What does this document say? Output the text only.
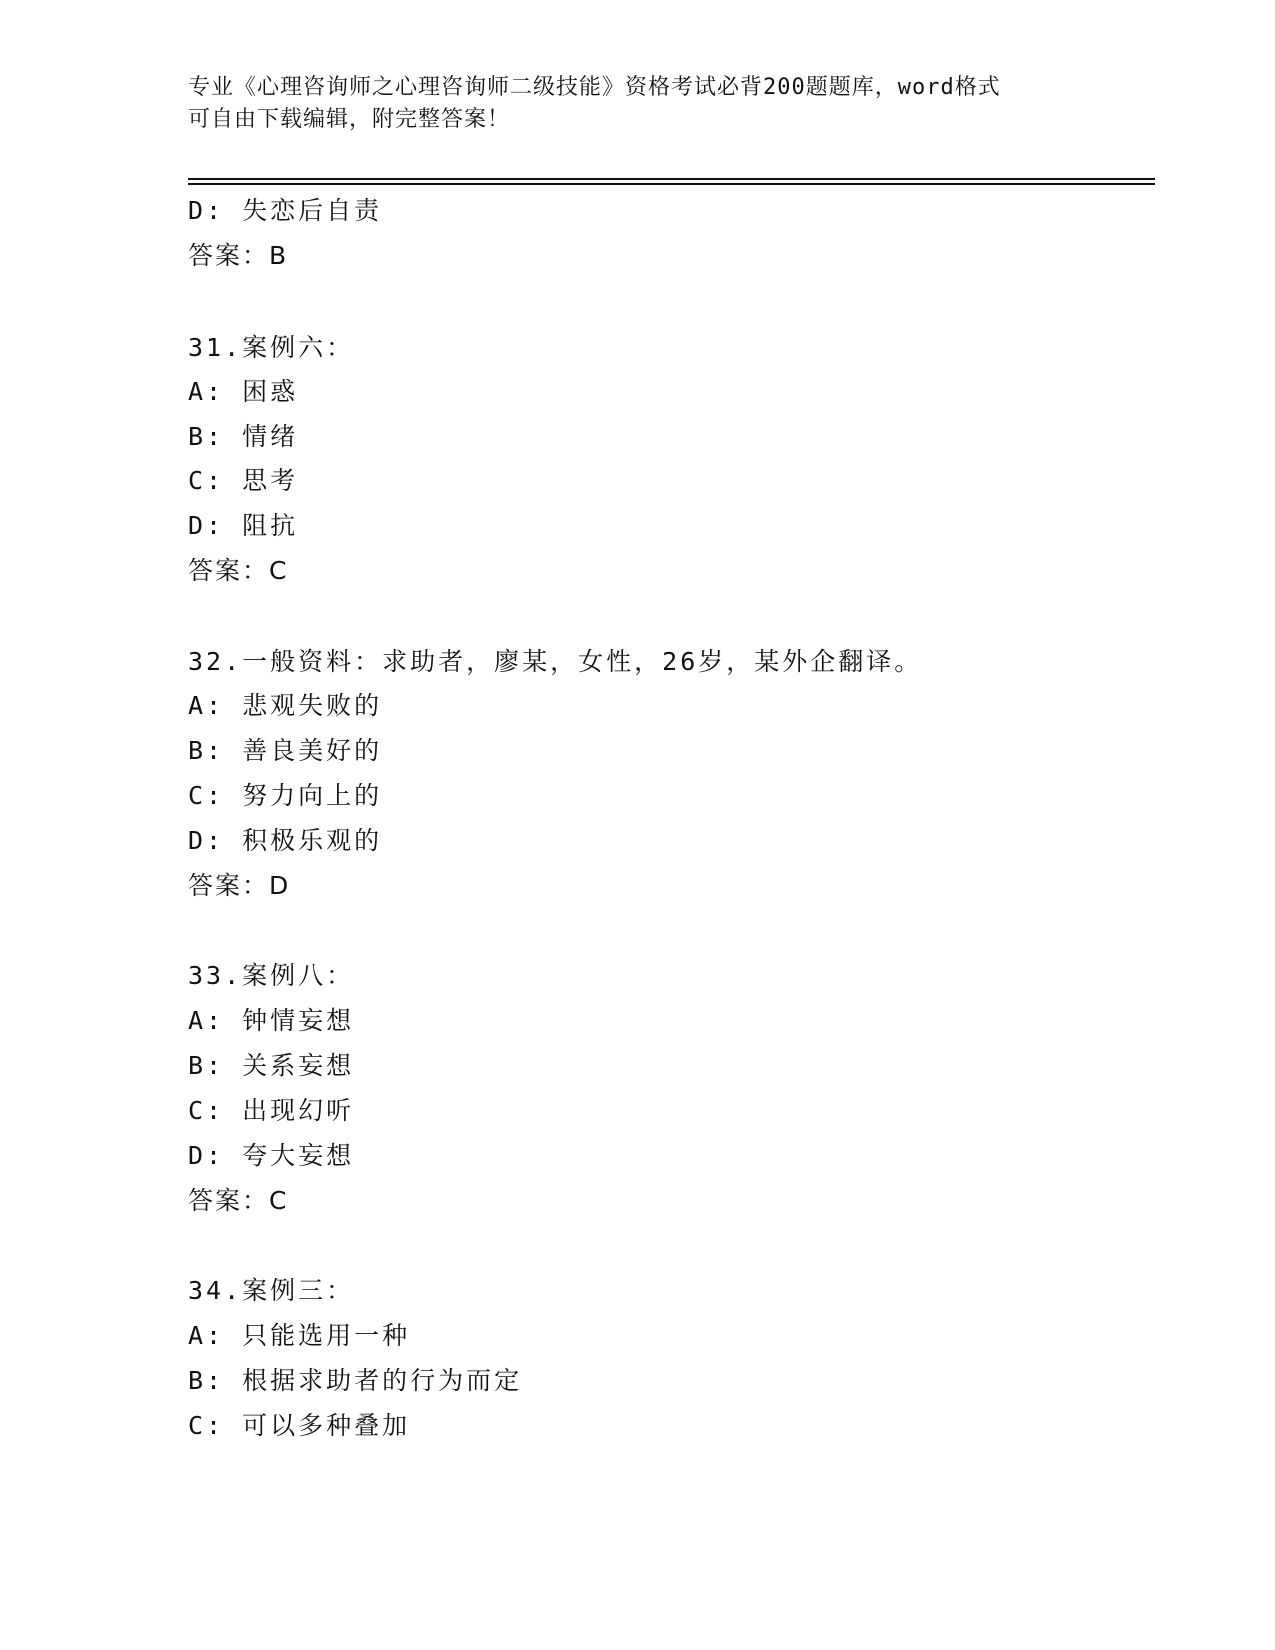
专业《心理咨询师之心理咨询师二级技能》资格考试必背200题题库，word格式
可自由下载编辑，附完整答案！
D: 失恋后自责
答案：B
31.案例六：
A: 困惑
B: 情绪
C: 思考
D: 阻抗
答案：C
32.一般资料：求助者，廖某，女性，26岁，某外企翻译。
A: 悲观失败的
B: 善良美好的
C: 努力向上的
D: 积极乐观的
答案：D
33.案例八：
A: 钟情妄想
B: 关系妄想
C: 出现幻听
D: 夸大妄想
答案：C
34.案例三：
A: 只能选用一种
B: 根据求助者的行为而定
C: 可以多种叠加
